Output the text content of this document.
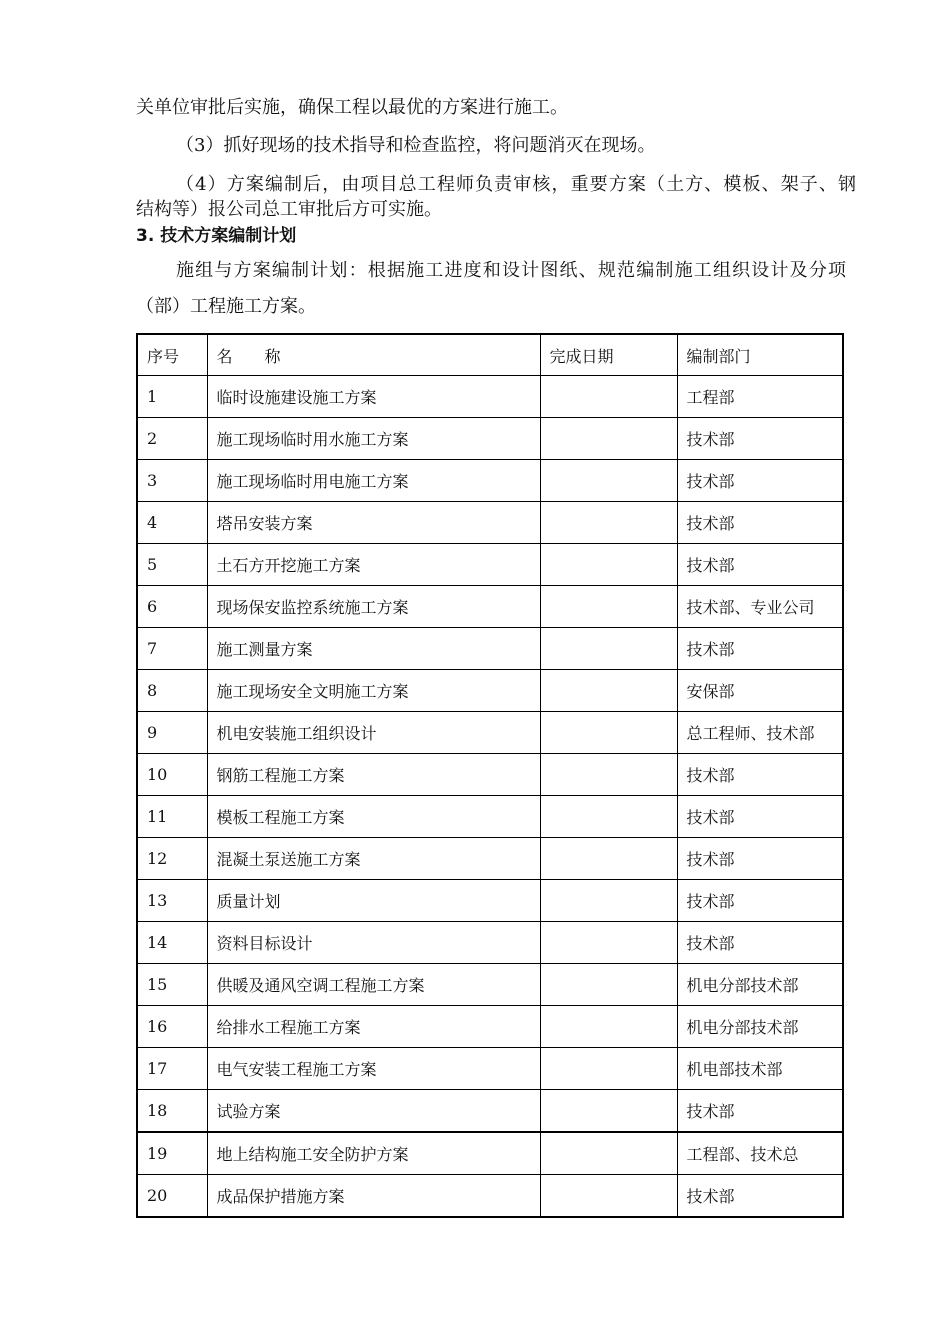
关单位审批后实施，确保工程以最优的方案进行施工。
（3）抓好现场的技术指导和检查监控，将问题消灭在现场。
（4）方案编制后，由项目总工程师负责审核，重要方案（土方、模板、架子、钢
结构等）报公司总工审批后方可实施。
3. 技术方案编制计划
施组与方案编制计划：根据施工进度和设计图纸、规范编制施工组织设计及分项
（部）工程施工方案。
序号	名　　称	完成日期	编制部门
1	临时设施建设施工方案		工程部
2	施工现场临时用水施工方案		技术部
3	施工现场临时用电施工方案		技术部
4	塔吊安装方案		技术部
5	土石方开挖施工方案		技术部
6	现场保安监控系统施工方案		技术部、专业公司
7	施工测量方案		技术部
8	施工现场安全文明施工方案		安保部
9	机电安装施工组织设计		总工程师、技术部
10	钢筋工程施工方案		技术部
11	模板工程施工方案		技术部
12	混凝土泵送施工方案		技术部
13	质量计划		技术部
14	资料目标设计		技术部
15	供暖及通风空调工程施工方案		机电分部技术部
16	给排水工程施工方案		机电分部技术部
17	电气安装工程施工方案		机电部技术部
18	试验方案		技术部
19	地上结构施工安全防护方案		工程部、技术总
20	成品保护措施方案		技术部
